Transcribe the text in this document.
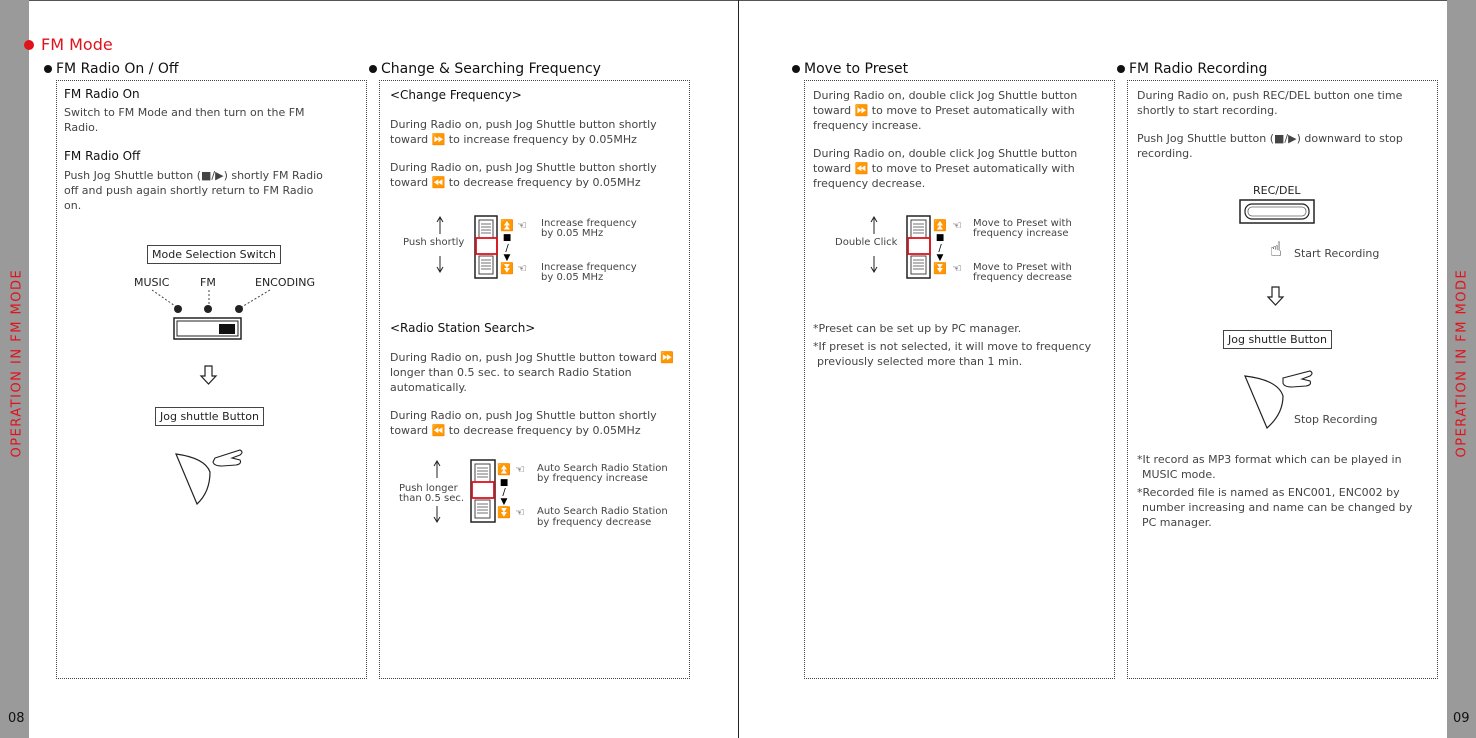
OPERATION IN FM MODE	OPERATION IN FM MODE
08	09
FM Mode
FM Radio On / Off
FM Radio On
Switch to FM Mode and then turn on the FM Radio.
FM Radio Off
Push Jog Shuttle button (■/▶) shortly FM Radio off and push again shortly return to FM Radio on.
Mode Selection Switch
MUSIC	FM	ENCODING
Jog shuttle Button
Change & Searching Frequency
<Change Frequency>
During Radio on, push Jog Shuttle button shortly toward ⏩ to increase frequency by 0.05MHz
During Radio on, push Jog Shuttle button shortly toward ⏪ to decrease frequency by 0.05MHz
⏫
■
/
▼
⏬
☜
☜
Push shortly
Increase frequency
by 0.05 MHz
Increase frequency
by 0.05 MHz
<Radio Station Search>
During Radio on, push Jog Shuttle button toward ⏩ longer than 0.5 sec. to search Radio Station automatically.
During Radio on, push Jog Shuttle button shortly toward ⏪ to decrease frequency by 0.05MHz
⏫
■
/
▼
⏬
☜
☜
Push longer
than 0.5 sec.
Auto Search Radio Station
by frequency increase
Auto Search Radio Station
by frequency decrease
Move to Preset
During Radio on, double click Jog Shuttle button toward ⏩ to move to Preset automatically with frequency increase.
During Radio on, double click Jog Shuttle button toward ⏪ to move to Preset automatically with frequency decrease.
⏫
■
/
▼
⏬
☜
☜
Double Click
Move to Preset with
frequency increase
Move to Preset with
frequency decrease
*Preset can be set up by PC manager.
*If preset is not selected, it will move to frequency previously selected more than 1 min.
FM Radio Recording
During Radio on, push REC/DEL button one time shortly to start recording.
Push Jog Shuttle button (■/▶) downward to stop recording.
REC/DEL
☝ Start Recording
Jog shuttle Button
Stop Recording
*It record as MP3 format which can be played in MUSIC mode.
*Recorded file is named as ENC001, ENC002 by number increasing and name can be changed by PC manager.
